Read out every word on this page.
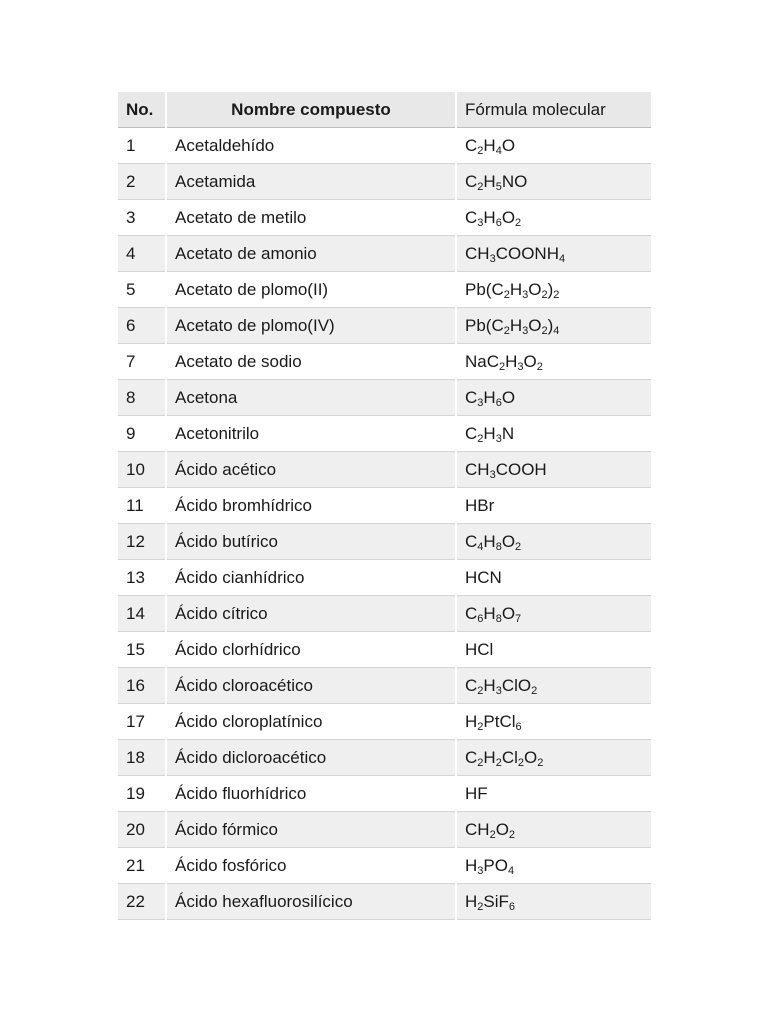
No.	Nombre compuesto	Fórmula molecular
1	Acetaldehído	$C_2H_4O$
2	Acetamida	$C_2H_5NO$
3	Acetato de metilo	$C_3H_6O_2$
4	Acetato de amonio	$CH_3COONH_4$
5	Acetato de plomo(II)	$Pb(C_2H_3O_2)_2$
6	Acetato de plomo(IV)	$Pb(C_2H_3O_2)_4$
7	Acetato de sodio	$NaC_2H_3O_2$
8	Acetona	$C_3H_6O$
9	Acetonitrilo	$C_2H_3N$
10	Ácido acético	$CH_3COOH$
11	Ácido bromhídrico	HBr
12	Ácido butírico	$C_4H_8O_2$
13	Ácido cianhídrico	HCN
14	Ácido cítrico	$C_6H_8O_7$
15	Ácido clorhídrico	HCl
16	Ácido cloroacético	$C_2H_3ClO_2$
17	Ácido cloroplatínico	$H_2PtCl_6$
18	Ácido dicloroacético	$C_2H_2Cl_2O_2$
19	Ácido fluorhídrico	HF
20	Ácido fórmico	$CH_2O_2$
21	Ácido fosfórico	$H_3PO_4$
22	Ácido hexafluorosilícico	$H_2SiF_6$
